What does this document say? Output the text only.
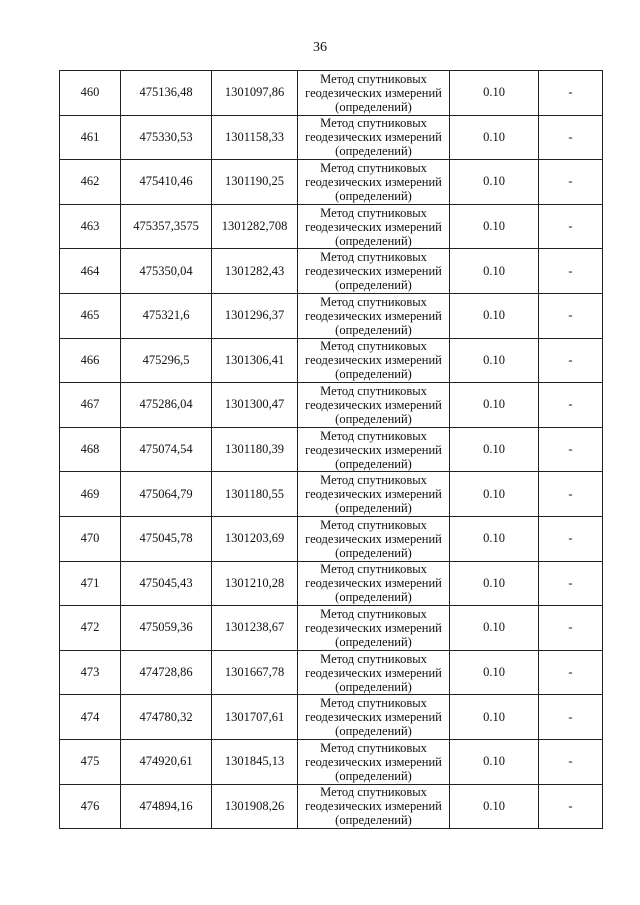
36
460	475136,48	1301097,86	Метод спутниковых
геодезических измерений
(определений)	0.10	-
461	475330,53	1301158,33	Метод спутниковых
геодезических измерений
(определений)	0.10	-
462	475410,46	1301190,25	Метод спутниковых
геодезических измерений
(определений)	0.10	-
463	475357,3575	1301282,708	Метод спутниковых
геодезических измерений
(определений)	0.10	-
464	475350,04	1301282,43	Метод спутниковых
геодезических измерений
(определений)	0.10	-
465	475321,6	1301296,37	Метод спутниковых
геодезических измерений
(определений)	0.10	-
466	475296,5	1301306,41	Метод спутниковых
геодезических измерений
(определений)	0.10	-
467	475286,04	1301300,47	Метод спутниковых
геодезических измерений
(определений)	0.10	-
468	475074,54	1301180,39	Метод спутниковых
геодезических измерений
(определений)	0.10	-
469	475064,79	1301180,55	Метод спутниковых
геодезических измерений
(определений)	0.10	-
470	475045,78	1301203,69	Метод спутниковых
геодезических измерений
(определений)	0.10	-
471	475045,43	1301210,28	Метод спутниковых
геодезических измерений
(определений)	0.10	-
472	475059,36	1301238,67	Метод спутниковых
геодезических измерений
(определений)	0.10	-
473	474728,86	1301667,78	Метод спутниковых
геодезических измерений
(определений)	0.10	-
474	474780,32	1301707,61	Метод спутниковых
геодезических измерений
(определений)	0.10	-
475	474920,61	1301845,13	Метод спутниковых
геодезических измерений
(определений)	0.10	-
476	474894,16	1301908,26	Метод спутниковых
геодезических измерений
(определений)	0.10	-
